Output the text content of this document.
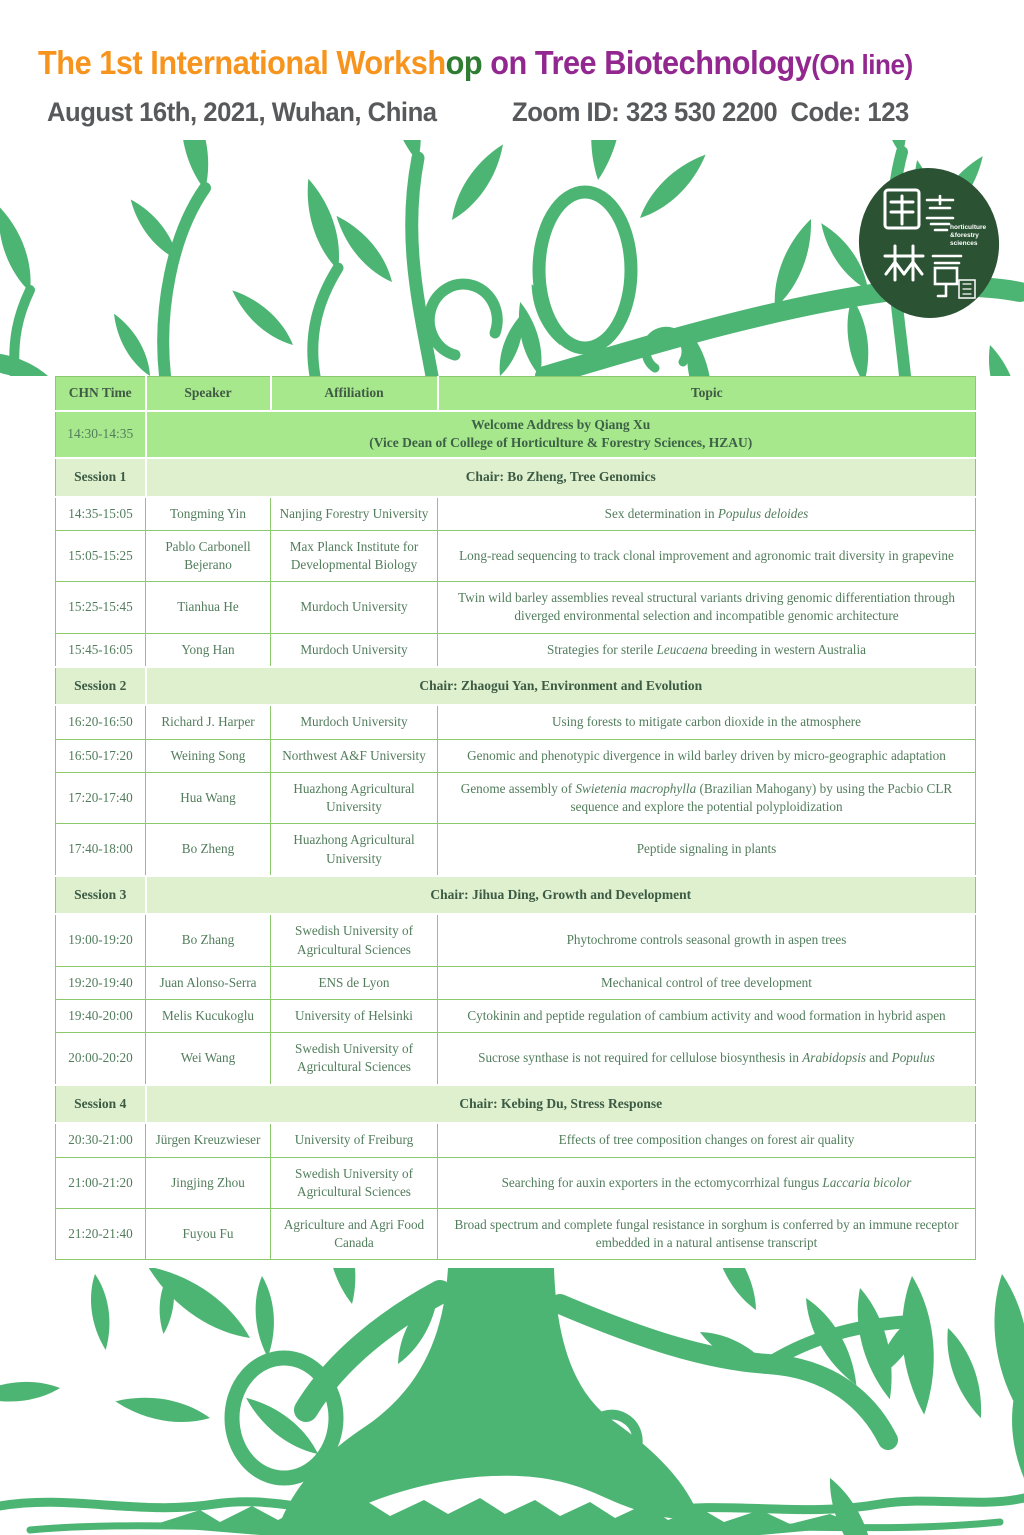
The 1st International Workshop on Tree Biotechnology(On line)
August 16th, 2021, Wuhan, China	Zoom ID: 323 530 2200  Code: 123
horticulture
&forestry
sciences
CHN Time	Speaker	Affiliation	Topic
14:30-14:35	Welcome Address by Qiang Xu
(Vice Dean of College of Horticulture & Forestry Sciences, HZAU)		

Session 1	Chair: Bo Zheng, Tree Genomics		
14:35-15:05	Tongming Yin	Nanjing Forestry University	Sex determination in Populus deloides
15:05-15:25	Pablo Carbonell Bejerano	Max Planck Institute for Developmental Biology	Long-read sequencing to track clonal improvement and agronomic trait diversity in grapevine
15:25-15:45	Tianhua He	Murdoch University	Twin wild barley assemblies reveal structural variants driving genomic differentiation through diverged environmental selection and incompatible genomic architecture
15:45-16:05	Yong Han	Murdoch University	Strategies for sterile Leucaena breeding in western Australia
Session 2	Chair: Zhaogui Yan, Environment and Evolution		
16:20-16:50	Richard J. Harper	Murdoch University	Using forests to mitigate carbon dioxide in the atmosphere
16:50-17:20	Weining Song	Northwest A&F University	Genomic and phenotypic divergence in wild barley driven by micro-geographic adaptation
17:20-17:40	Hua Wang	Huazhong Agricultural University	Genome assembly of Swietenia macrophylla (Brazilian Mahogany) by using the Pacbio CLR sequence and explore the potential polyploidization
17:40-18:00	Bo Zheng	Huazhong Agricultural University	Peptide signaling in plants
Session 3	Chair: Jihua Ding, Growth and Development		
19:00-19:20	Bo Zhang	Swedish University of Agricultural Sciences	Phytochrome controls seasonal growth in aspen trees
19:20-19:40	Juan Alonso-Serra	ENS de Lyon	Mechanical control of tree development
19:40-20:00	Melis Kucukoglu	University of Helsinki	Cytokinin and peptide regulation of cambium activity and wood formation in hybrid aspen
20:00-20:20	Wei Wang	Swedish University of Agricultural Sciences	Sucrose synthase is not required for cellulose biosynthesis in Arabidopsis and Populus
Session 4	Chair: Kebing Du, Stress Response		
20:30-21:00	Jürgen Kreuzwieser	University of Freiburg	Effects of tree composition changes on forest air quality
21:00-21:20	Jingjing Zhou	Swedish University of Agricultural Sciences	Searching for auxin exporters in the ectomycorrhizal fungus Laccaria bicolor
21:20-21:40	Fuyou Fu	Agriculture and Agri Food Canada	Broad spectrum and complete fungal resistance in sorghum is conferred by an immune receptor embedded in a natural antisense transcript
